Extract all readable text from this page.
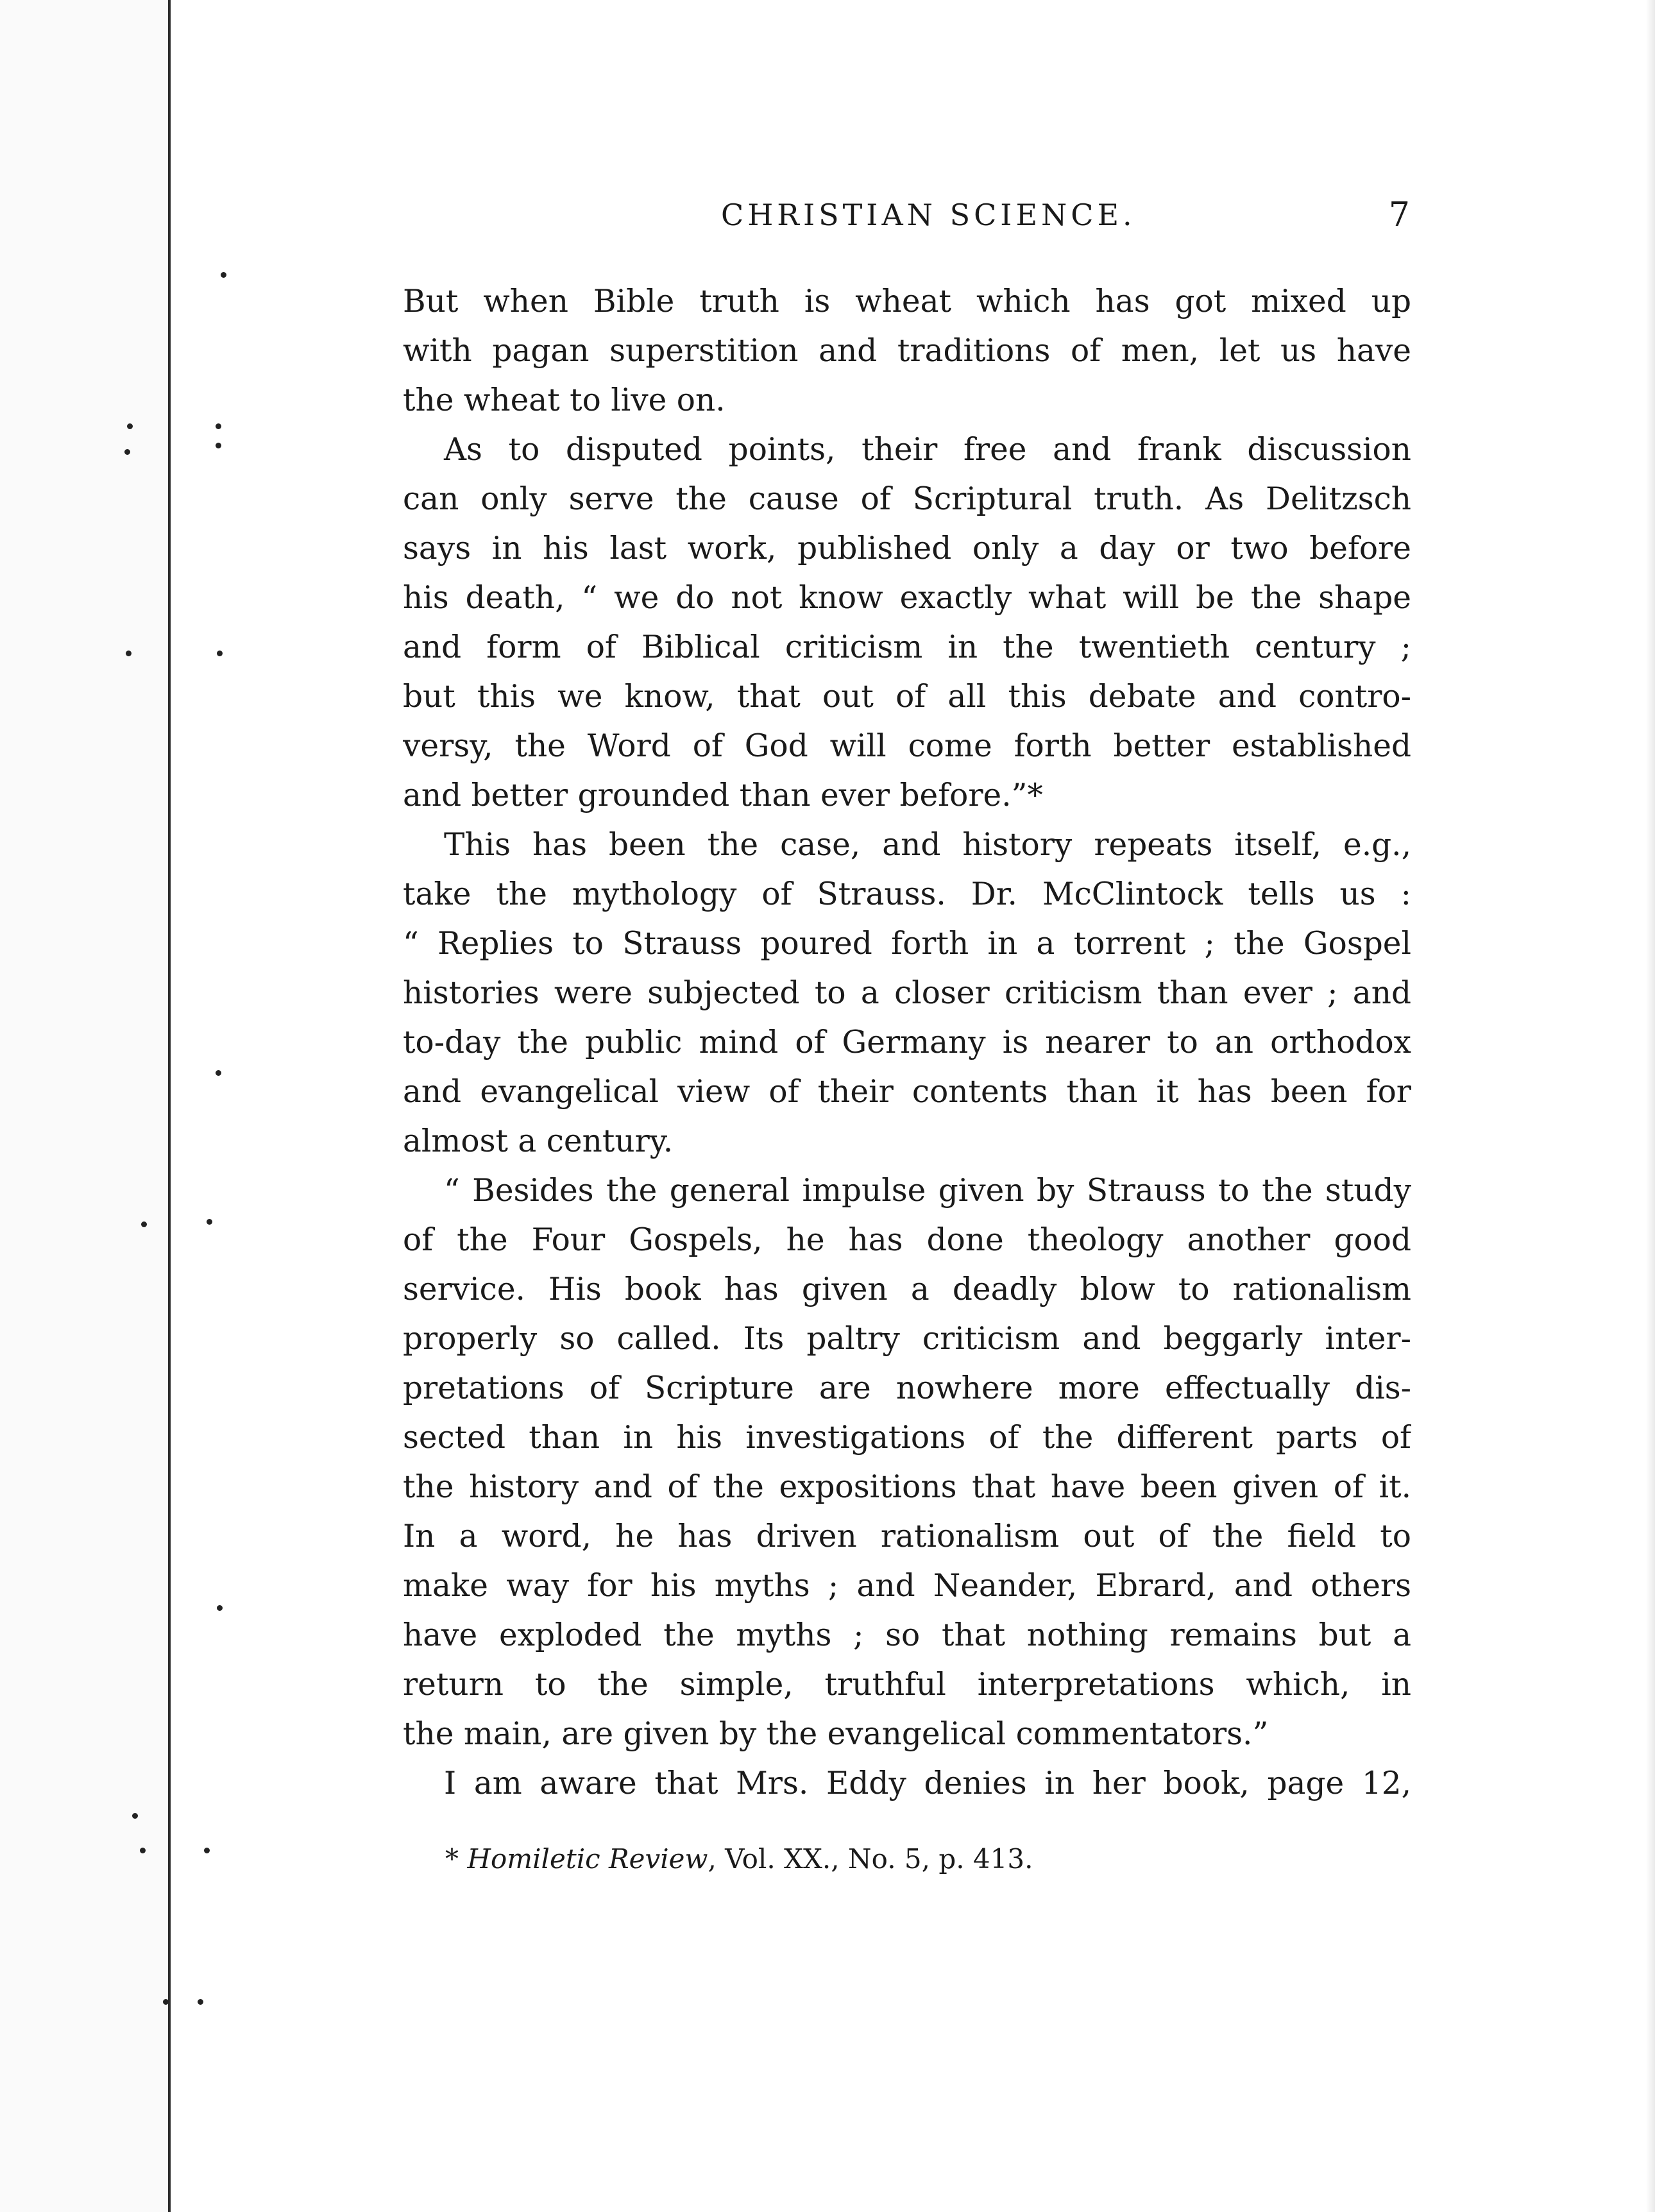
CHRISTIAN SCIENCE.	7
But when Bible truth is wheat which has got mixed up
with pagan superstition and traditions of men, let us have
the wheat to live on.
As to disputed points, their free and frank discussion
can only serve the cause of Scriptural truth. As Delitzsch
says in his last work, published only a day or two before
his death, “ we do not know exactly what will be the shape
and form of Biblical criticism in the twentieth century ;
but this we know, that out of all this debate and contro-
versy, the Word of God will come forth better established
and better grounded than ever before.”*
This has been the case, and history repeats itself, e.g.,
take the mythology of Strauss. Dr. McClintock tells us :
“ Replies to Strauss poured forth in a torrent ; the Gospel
histories were subjected to a closer criticism than ever ; and
to-day the public mind of Germany is nearer to an orthodox
and evangelical view of their contents than it has been for
almost a century.
“ Besides the general impulse given by Strauss to the study
of the Four Gospels, he has done theology another good
service. His book has given a deadly blow to rationalism
properly so called. Its paltry criticism and beggarly inter-
pretations of Scripture are nowhere more effectually dis-
sected than in his investigations of the different parts of
the history and of the expositions that have been given of it.
In a word, he has driven rationalism out of the field to
make way for his myths ; and Neander, Ebrard, and others
have exploded the myths ; so that nothing remains but a
return to the simple, truthful interpretations which, in
the main, are given by the evangelical commentators.”
I am aware that Mrs. Eddy denies in her book, page 12,
* Homiletic Review, Vol. XX., No. 5, p. 413.
